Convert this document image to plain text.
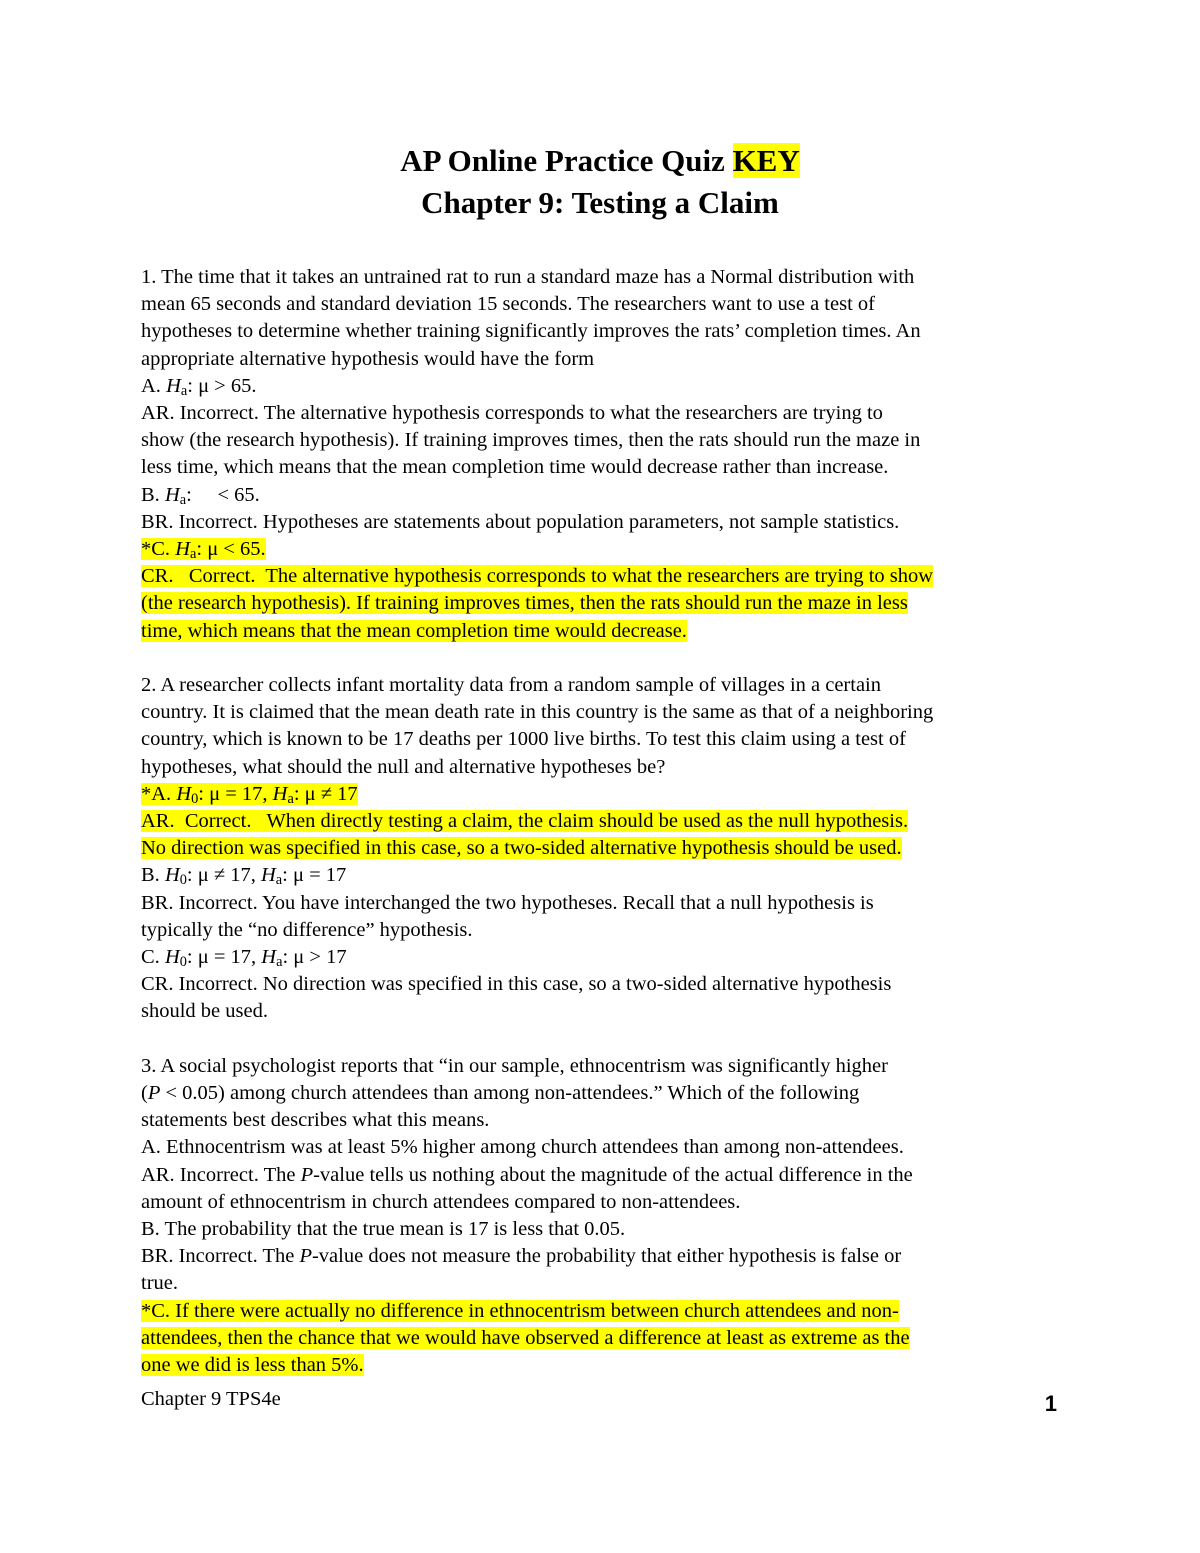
AP Online Practice Quiz KEY
Chapter 9: Testing a Claim
1. The time that it takes an untrained rat to run a standard maze has a Normal distribution with
mean 65 seconds and standard deviation 15 seconds. The researchers want to use a test of
hypotheses to determine whether training significantly improves the rats’ completion times. An
appropriate alternative hypothesis would have the form
A. $H_a$: μ > 65.
AR. Incorrect. The alternative hypothesis corresponds to what the researchers are trying to
show (the research hypothesis). If training improves times, then the rats should run the maze in
less time, which means that the mean completion time would decrease rather than increase.
B. $H_a$:     < 65.
BR. Incorrect. Hypotheses are statements about population parameters, not sample statistics.
*C. $H_a$: μ < 65.
CR.   Correct.  The alternative hypothesis corresponds to what the researchers are trying to show
(the research hypothesis). If training improves times, then the rats should run the maze in less
time, which means that the mean completion time would decrease.
2. A researcher collects infant mortality data from a random sample of villages in a certain
country. It is claimed that the mean death rate in this country is the same as that of a neighboring
country, which is known to be 17 deaths per 1000 live births. To test this claim using a test of
hypotheses, what should the null and alternative hypotheses be?
*A. $H_0$: μ = 17, $H_a$: μ ≠ 17
AR.  Correct.   When directly testing a claim, the claim should be used as the null hypothesis.
No direction was specified in this case, so a two-sided alternative hypothesis should be used.
B. $H_0$: μ ≠ 17, $H_a$: μ = 17
BR. Incorrect. You have interchanged the two hypotheses. Recall that a null hypothesis is
typically the “no difference” hypothesis.
C. $H_0$: μ = 17, $H_a$: μ > 17
CR. Incorrect. No direction was specified in this case, so a two-sided alternative hypothesis
should be used.
3. A social psychologist reports that “in our sample, ethnocentrism was significantly higher
(P < 0.05) among church attendees than among non-attendees.” Which of the following
statements best describes what this means.
A. Ethnocentrism was at least 5% higher among church attendees than among non-attendees.
AR. Incorrect. The P-value tells us nothing about the magnitude of the actual difference in the
amount of ethnocentrism in church attendees compared to non-attendees.
B. The probability that the true mean is 17 is less that 0.05.
BR. Incorrect. The P-value does not measure the probability that either hypothesis is false or
true.
*C. If there were actually no difference in ethnocentrism between church attendees and non-
attendees, then the chance that we would have observed a difference at least as extreme as the
one we did is less than 5%.
Chapter 9 TPS4e	1
